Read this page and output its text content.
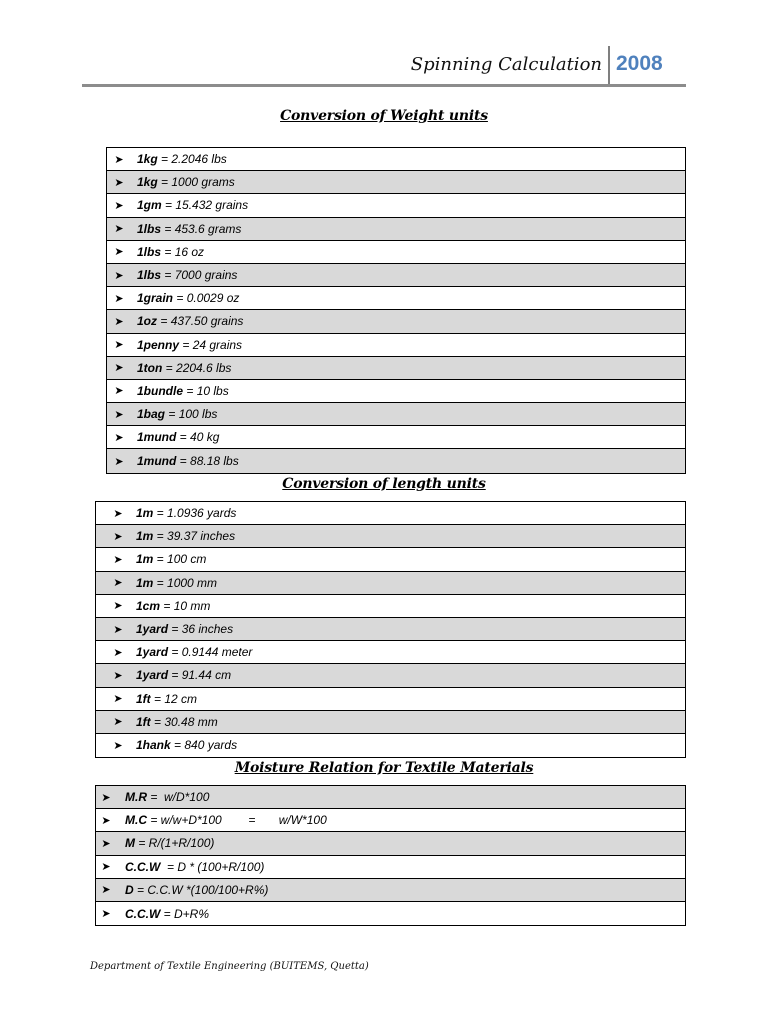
Spinning Calculation 2008
Conversion of Weight units
➤ 1kg = 2.2046 lbs
➤ 1kg = 1000 grams
➤ 1gm = 15.432 grains
➤ 1lbs = 453.6 grams
➤ 1lbs = 16 oz
➤ 1lbs = 7000 grains
➤ 1grain = 0.0029 oz
➤ 1oz = 437.50 grains
➤ 1penny = 24 grains
➤ 1ton = 2204.6 lbs
➤ 1bundle = 10 lbs
➤ 1bag = 100 lbs
➤ 1mund = 40 kg
➤ 1mund = 88.18 lbs
Conversion of length units
➤ 1m = 1.0936 yards
➤ 1m = 39.37 inches
➤ 1m = 100 cm
➤ 1m = 1000 mm
➤ 1cm = 10 mm
➤ 1yard = 36 inches
➤ 1yard = 0.9144 meter
➤ 1yard = 91.44 cm
➤ 1ft = 12 cm
➤ 1ft = 30.48 mm
➤ 1hank = 840 yards
Moisture Relation for Textile Materials
➤ M.R =  w/D*100
➤ M.C = w/w+D*100        =       w/W*100
➤ M = R/(1+R/100)
➤ C.C.W = D * (100+R/100)
➤ D = C.C.W *(100/100+R%)
➤ C.C.W = D+R%
Department of Textile Engineering (BUITEMS, Quetta)
